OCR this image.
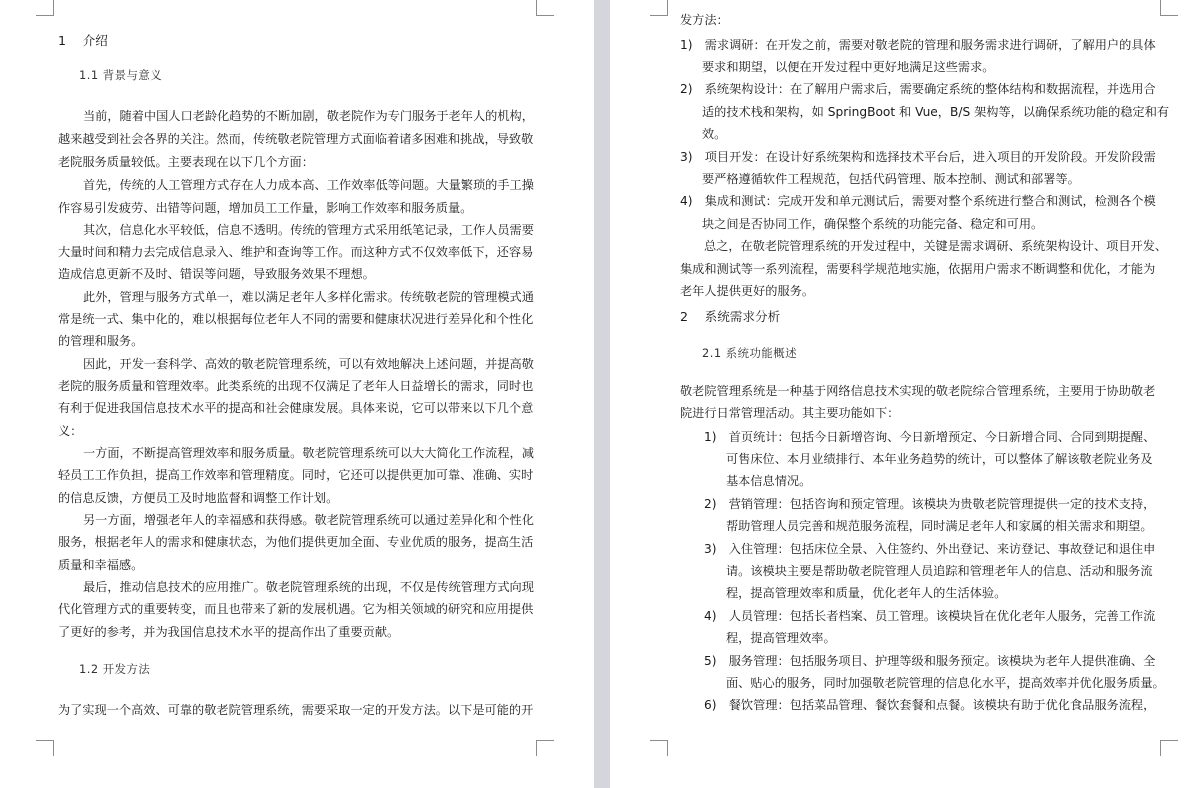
1　 介绍
1.1 背景与意义
当前，随着中国人口老龄化趋势的不断加剧，敬老院作为专门服务于老年人的机构，
越来越受到社会各界的关注。然而，传统敬老院管理方式面临着诸多困难和挑战，导致敬
老院服务质量较低。主要表现在以下几个方面：
首先，传统的人工管理方式存在人力成本高、工作效率低等问题。大量繁琐的手工操
作容易引发疲劳、出错等问题，增加员工工作量，影响工作效率和服务质量。
其次，信息化水平较低，信息不透明。传统的管理方式采用纸笔记录，工作人员需要
大量时间和精力去完成信息录入、维护和查询等工作。而这种方式不仅效率低下，还容易
造成信息更新不及时、错误等问题，导致服务效果不理想。
此外，管理与服务方式单一，难以满足老年人多样化需求。传统敬老院的管理模式通
常是统一式、集中化的，难以根据每位老年人不同的需要和健康状况进行差异化和个性化
的管理和服务。
因此，开发一套科学、高效的敬老院管理系统，可以有效地解决上述问题，并提高敬
老院的服务质量和管理效率。此类系统的出现不仅满足了老年人日益增长的需求，同时也
有利于促进我国信息技术水平的提高和社会健康发展。具体来说，它可以带来以下几个意
义：
一方面，不断提高管理效率和服务质量。敬老院管理系统可以大大简化工作流程，减
轻员工工作负担，提高工作效率和管理精度。同时，它还可以提供更加可靠、准确、实时
的信息反馈，方便员工及时地监督和调整工作计划。
另一方面，增强老年人的幸福感和获得感。敬老院管理系统可以通过差异化和个性化
服务，根据老年人的需求和健康状态，为他们提供更加全面、专业优质的服务，提高生活
质量和幸福感。
最后，推动信息技术的应用推广。敬老院管理系统的出现，不仅是传统管理方式向现
代化管理方式的重要转变，而且也带来了新的发展机遇。它为相关领域的研究和应用提供
了更好的参考，并为我国信息技术水平的提高作出了重要贡献。
1.2 开发方法
为了实现一个高效、可靠的敬老院管理系统，需要采取一定的开发方法。以下是可能的开
发方法：
1)　需求调研：在开发之前，需要对敬老院的管理和服务需求进行调研，了解用户的具体
要求和期望，以便在开发过程中更好地满足这些需求。
2)　系统架构设计：在了解用户需求后，需要确定系统的整体结构和数据流程，并选用合
适的技术栈和架构，如 SpringBoot 和 Vue，B/S 架构等，以确保系统功能的稳定和有
效。
3)　项目开发：在设计好系统架构和选择技术平台后，进入项目的开发阶段。开发阶段需
要严格遵循软件工程规范，包括代码管理、版本控制、测试和部署等。
4)　集成和测试：完成开发和单元测试后，需要对整个系统进行整合和测试，检测各个模
块之间是否协同工作，确保整个系统的功能完备、稳定和可用。
总之，在敬老院管理系统的开发过程中，关键是需求调研、系统架构设计、项目开发、
集成和测试等一系列流程，需要科学规范地实施，依据用户需求不断调整和优化，才能为
老年人提供更好的服务。
2　 系统需求分析
2.1 系统功能概述
敬老院管理系统是一种基于网络信息技术实现的敬老院综合管理系统，主要用于协助敬老
院进行日常管理活动。其主要功能如下：
1)　首页统计：包括今日新增咨询、今日新增预定、今日新增合同、合同到期提醒、
可售床位、本月业绩排行、本年业务趋势的统计，可以整体了解该敬老院业务及
基本信息情况。
2)　营销管理：包括咨询和预定管理。该模块为贵敬老院管理提供一定的技术支持，
帮助管理人员完善和规范服务流程，同时满足老年人和家属的相关需求和期望。
3)　入住管理：包括床位全景、入住签约、外出登记、来访登记、事故登记和退住申
请。该模块主要是帮助敬老院管理人员追踪和管理老年人的信息、活动和服务流
程，提高管理效率和质量，优化老年人的生活体验。
4)　人员管理：包括长者档案、员工管理。该模块旨在优化老年人服务，完善工作流
程，提高管理效率。
5)　服务管理：包括服务项目、护理等级和服务预定。该模块为老年人提供准确、全
面、贴心的服务，同时加强敬老院管理的信息化水平，提高效率并优化服务质量。
6)　餐饮管理：包括菜品管理、餐饮套餐和点餐。该模块有助于优化食品服务流程，
